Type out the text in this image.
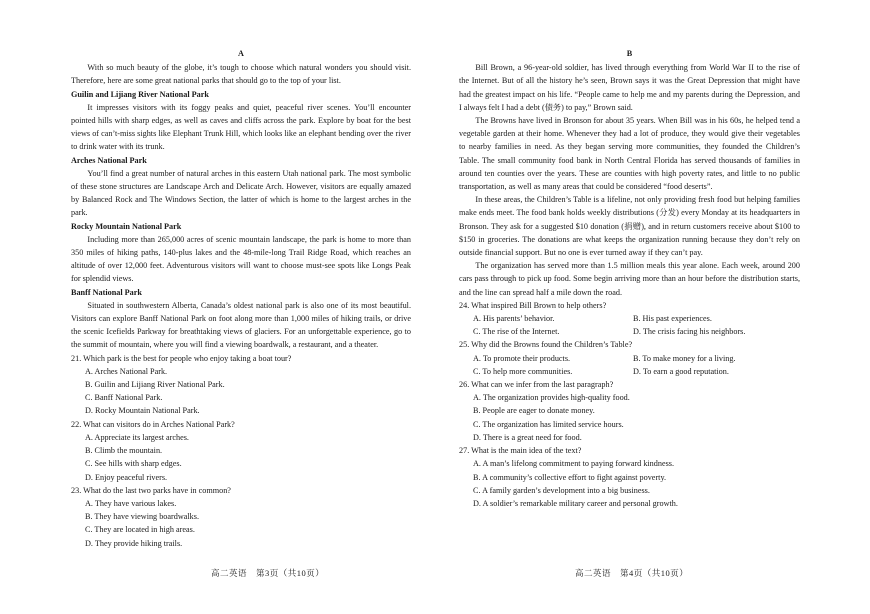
A

With so much beauty of the globe, it’s tough to choose which natural wonders you should visit. Therefore, here are some great national parks that should go to the top of your list.

Guilin and Lijiang River National Park

It impresses visitors with its foggy peaks and quiet, peaceful river scenes. You’ll encounter pointed hills with sharp edges, as well as caves and cliffs across the park. Explore by boat for the best views of can’t-miss sights like Elephant Trunk Hill, which looks like an elephant bending over the river to drink water with its trunk.

Arches National Park

You’ll find a great number of natural arches in this eastern Utah national park. The most symbolic of these stone structures are Landscape Arch and Delicate Arch. However, visitors are equally amazed by Balanced Rock and The Windows Section, the latter of which is home to the largest arches in the park.

Rocky Mountain National Park

Including more than 265,000 acres of scenic mountain landscape, the park is home to more than 350 miles of hiking paths, 140-plus lakes and the 48-mile-long Trail Ridge Road, which reaches an altitude of over 12,000 feet. Adventurous visitors will want to choose must-see spots like Longs Peak for splendid views.

Banff National Park

Situated in southwestern Alberta, Canada’s oldest national park is also one of its most beautiful. Visitors can explore Banff National Park on foot along more than 1,000 miles of hiking trails, or drive the scenic Icefields Parkway for breathtaking views of glaciers. For an unforgettable experience, go to the summit of mountain, where you will find a viewing boardwalk, a restaurant, and a theater.

21. Which park is the best for people who enjoy taking a boat tour?

A. Arches National Park.

B. Guilin and Lijiang River National Park.

C. Banff National Park.

D. Rocky Mountain National Park.

22. What can visitors do in Arches National Park?

A. Appreciate its largest arches.

B. Climb the mountain.

C. See hills with sharp edges.

D. Enjoy peaceful rivers.

23. What do the last two parks have in common?

A. They have various lakes.

B. They have viewing boardwalks.

C. They are located in high areas.

D. They provide hiking trails.

B

Bill Brown, a 96-year-old soldier, has lived through everything from World War II to the rise of the Internet. But of all the history he’s seen, Brown says it was the Great Depression that might have had the greatest impact on his life. “People came to help me and my parents during the Depression, and I always felt I had a debt (债务) to pay,” Brown said.

The Browns have lived in Bronson for about 35 years. When Bill was in his 60s, he helped tend a vegetable garden at their home. Whenever they had a lot of produce, they would give their vegetables to nearby families in need. As they began serving more communities, they founded the Children’s Table. The small community food bank in North Central Florida has served thousands of families in around ten counties over the years. These are counties with high poverty rates, and little to no public transportation, as well as many areas that could be considered “food deserts”.

In these areas, the Children’s Table is a lifeline, not only providing fresh food but helping families make ends meet. The food bank holds weekly distributions (分发) every Monday at its headquarters in Bronson. They ask for a suggested $10 donation (捐赠), and in return customers receive about $100 to $150 in groceries. The donations are what keeps the organization running because they don’t rely on outside financial support. But no one is ever turned away if they can’t pay.

The organization has served more than 1.5 million meals this year alone. Each week, around 200 cars pass through to pick up food. Some begin arriving more than an hour before the distribution starts, and the line can spread half a mile down the road.

24. What inspired Bill Brown to help others?

A. His parents’ behavior.	B. His past experiences.
C. The rise of the Internet.	D. The crisis facing his neighbors.

25. Why did the Browns found the Children’s Table?

A. To promote their products.	B. To make money for a living.
C. To help more communities.	D. To earn a good reputation.

26. What can we infer from the last paragraph?

A. The organization provides high-quality food.

B. People are eager to donate money.

C. The organization has limited service hours.

D. There is a great need for food.

27. What is the main idea of the text?

A. A man’s lifelong commitment to paying forward kindness.

B. A community’s collective effort to fight against poverty.

C. A family garden’s development into a big business.

D. A soldier’s remarkable military career and personal growth.

高二英语　第3页（共10页）	高二英语　第4页（共10页）
